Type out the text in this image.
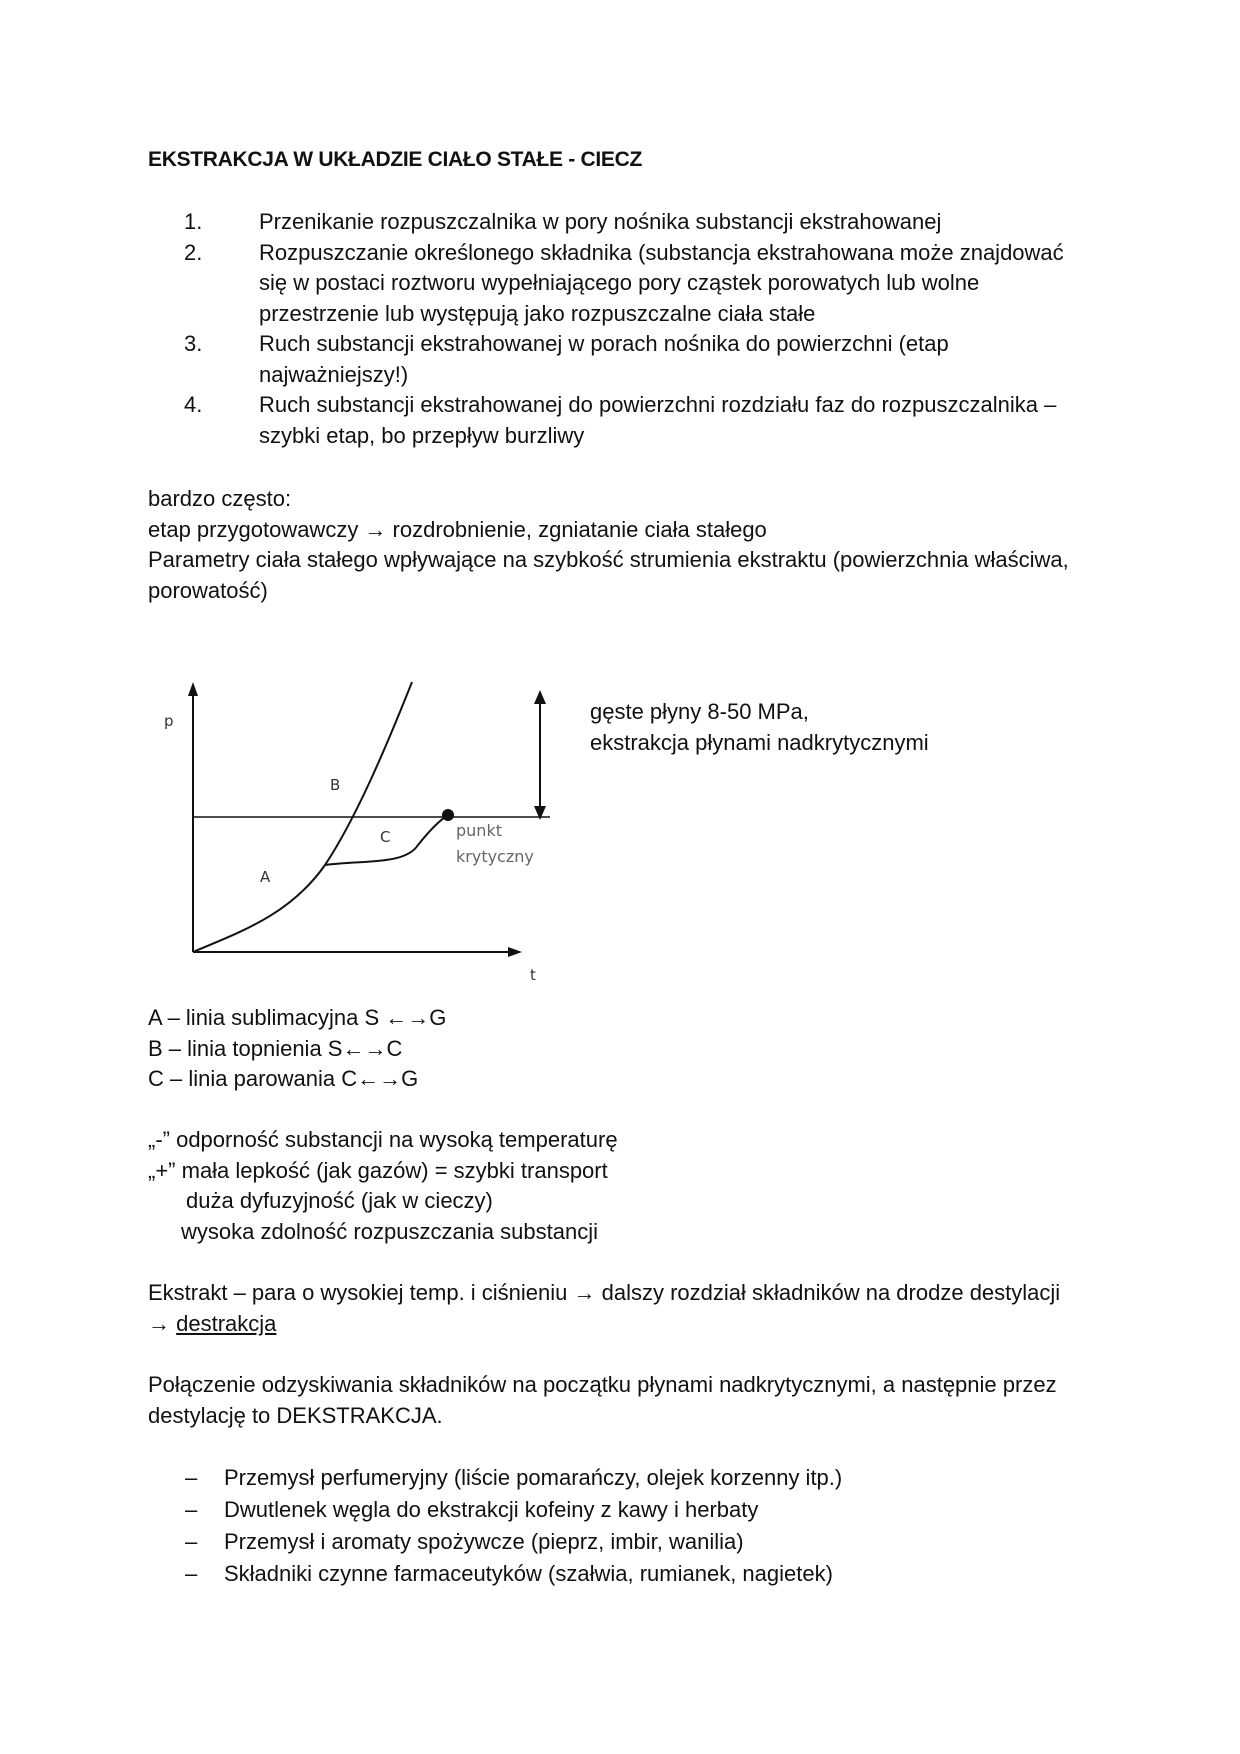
EKSTRAKCJA W UKŁADZIE CIAŁO STAŁE - CIECZ
1.	Przenikanie rozpuszczalnika w pory nośnika substancji ekstrahowanej
2.	Rozpuszczanie określonego składnika (substancja ekstrahowana może znajdować się w postaci roztworu wypełniającego pory cząstek porowatych lub wolne przestrzenie lub występują jako rozpuszczalne ciała stałe
3.	Ruch substancji ekstrahowanej w porach nośnika do powierzchni (etap najważniejszy!)
4.	Ruch substancji ekstrahowanej do powierzchni rozdziału faz do rozpuszczalnika – szybki etap, bo przepływ burzliwy

bardzo często:

etap przygotowawczy → rozdrobnienie, zgniatanie ciała stałego

Parametry ciała stałego wpływające na szybkość strumienia ekstraktu (powierzchnia właściwa, porowatość)

p
t
A
B
C	punkt
krytyczny
gęste płyny 8-50 MPa,
ekstrakcja płynami nadkrytycznymi

A – linia sublimacyjna S ←→G

B – linia topnienia S←→C

C – linia parowania C←→G

„-” odporność substancji na wysoką temperaturę

„+” mała lepkość (jak gazów) = szybki transport

duża dyfuzyjność (jak w cieczy)

wysoka zdolność rozpuszczania substancji

Ekstrakt – para o wysokiej temp. i ciśnieniu → dalszy rozdział składników na drodze destylacji → destrakcja

Połączenie odzyskiwania składników na początku płynami nadkrytycznymi, a następnie przez destylację to DEKSTRAKCJA.

–	Przemysł perfumeryjny (liście pomarańczy, olejek korzenny itp.)
–	Dwutlenek węgla do ekstrakcji kofeiny z kawy i herbaty
–	Przemysł i aromaty spożywcze (pieprz, imbir, wanilia)
–	Składniki czynne farmaceutyków (szałwia, rumianek, nagietek)
